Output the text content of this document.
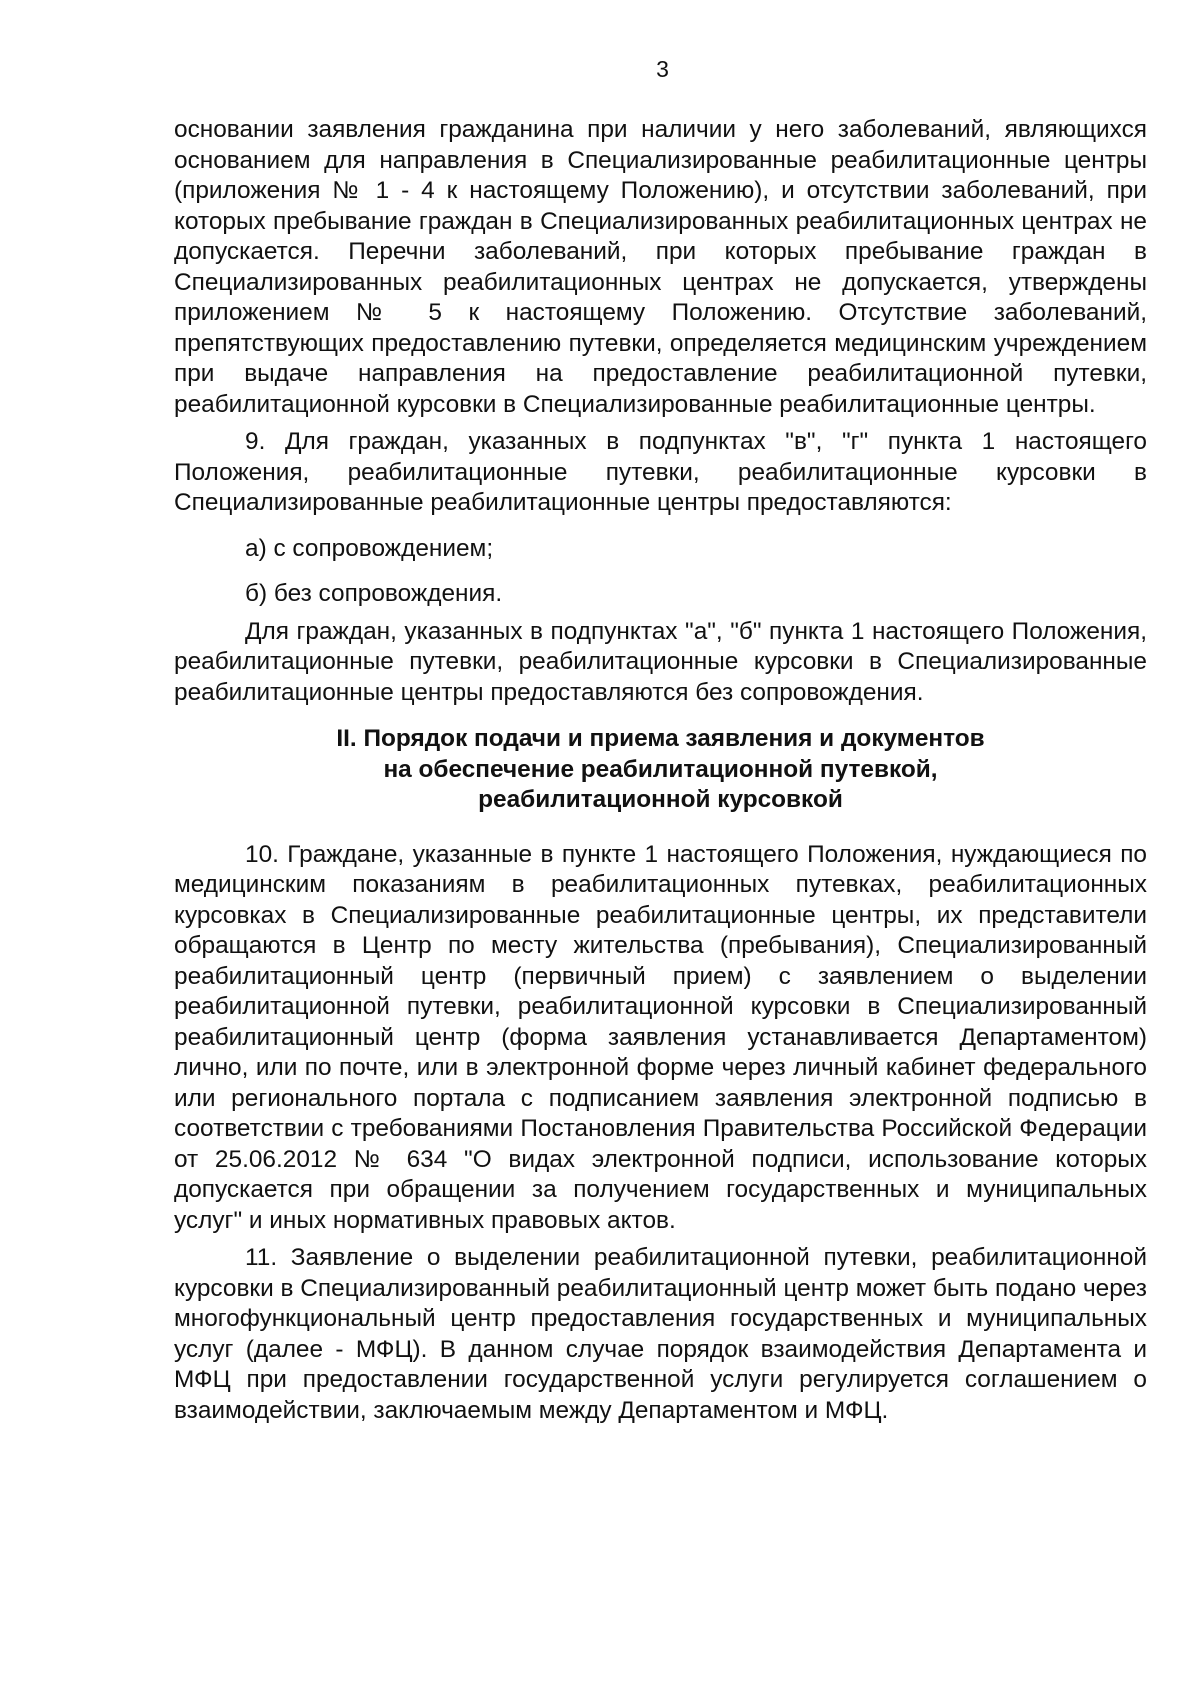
3

основании заявления гражданина при наличии у него заболеваний, являющихся основанием для направления в Специализированные реабилитационные центры (приложения № 1 - 4 к настоящему Положению), и отсутствии заболеваний, при которых пребывание граждан в Специализированных реабилитационных центрах не допускается. Перечни заболеваний, при которых пребывание граждан в Специализированных реабилитационных центрах не допускается, утверждены приложением № 5 к настоящему Положению. Отсутствие заболеваний, препятствующих предоставлению путевки, определяется медицинским учреждением при выдаче направления на предоставление реабилитационной путевки, реабилитационной курсовки в Специализированные реабилитационные центры.

9. Для граждан, указанных в подпунктах "в", "г" пункта 1 настоящего Положения, реабилитационные путевки, реабилитационные курсовки в Специализированные реабилитационные центры предоставляются:

а) с сопровождением;

б) без сопровождения.

Для граждан, указанных в подпунктах "а", "б" пункта 1 настоящего Положения, реабилитационные путевки, реабилитационные курсовки в Специализированные реабилитационные центры предоставляются без сопровождения.

II. Порядок подачи и приема заявления и документов
на обеспечение реабилитационной путевкой,
реабилитационной курсовкой

10. Граждане, указанные в пункте 1 настоящего Положения, нуждающиеся по медицинским показаниям в реабилитационных путевках, реабилитационных курсовках в Специализированные реабилитационные центры, их представители обращаются в Центр по месту жительства (пребывания), Специализированный реабилитационный центр (первичный прием) с заявлением о выделении реабилитационной путевки, реабилитационной курсовки в Специализированный реабилитационный центр (форма заявления устанавливается Департаментом) лично, или по почте, или в электронной форме через личный кабинет федерального или регионального портала с подписанием заявления электронной подписью в соответствии с требованиями Постановления Правительства Российской Федерации от 25.06.2012 № 634 "О видах электронной подписи, использование которых допускается при обращении за получением государственных и муниципальных услуг" и иных нормативных правовых актов.

11. Заявление о выделении реабилитационной путевки, реабилитационной курсовки в Специализированный реабилитационный центр может быть подано через многофункциональный центр предоставления государственных и муниципальных услуг (далее - МФЦ). В данном случае порядок взаимодействия Департамента и МФЦ при предоставлении государственной услуги регулируется соглашением о взаимодействии, заключаемым между Департаментом и МФЦ.
